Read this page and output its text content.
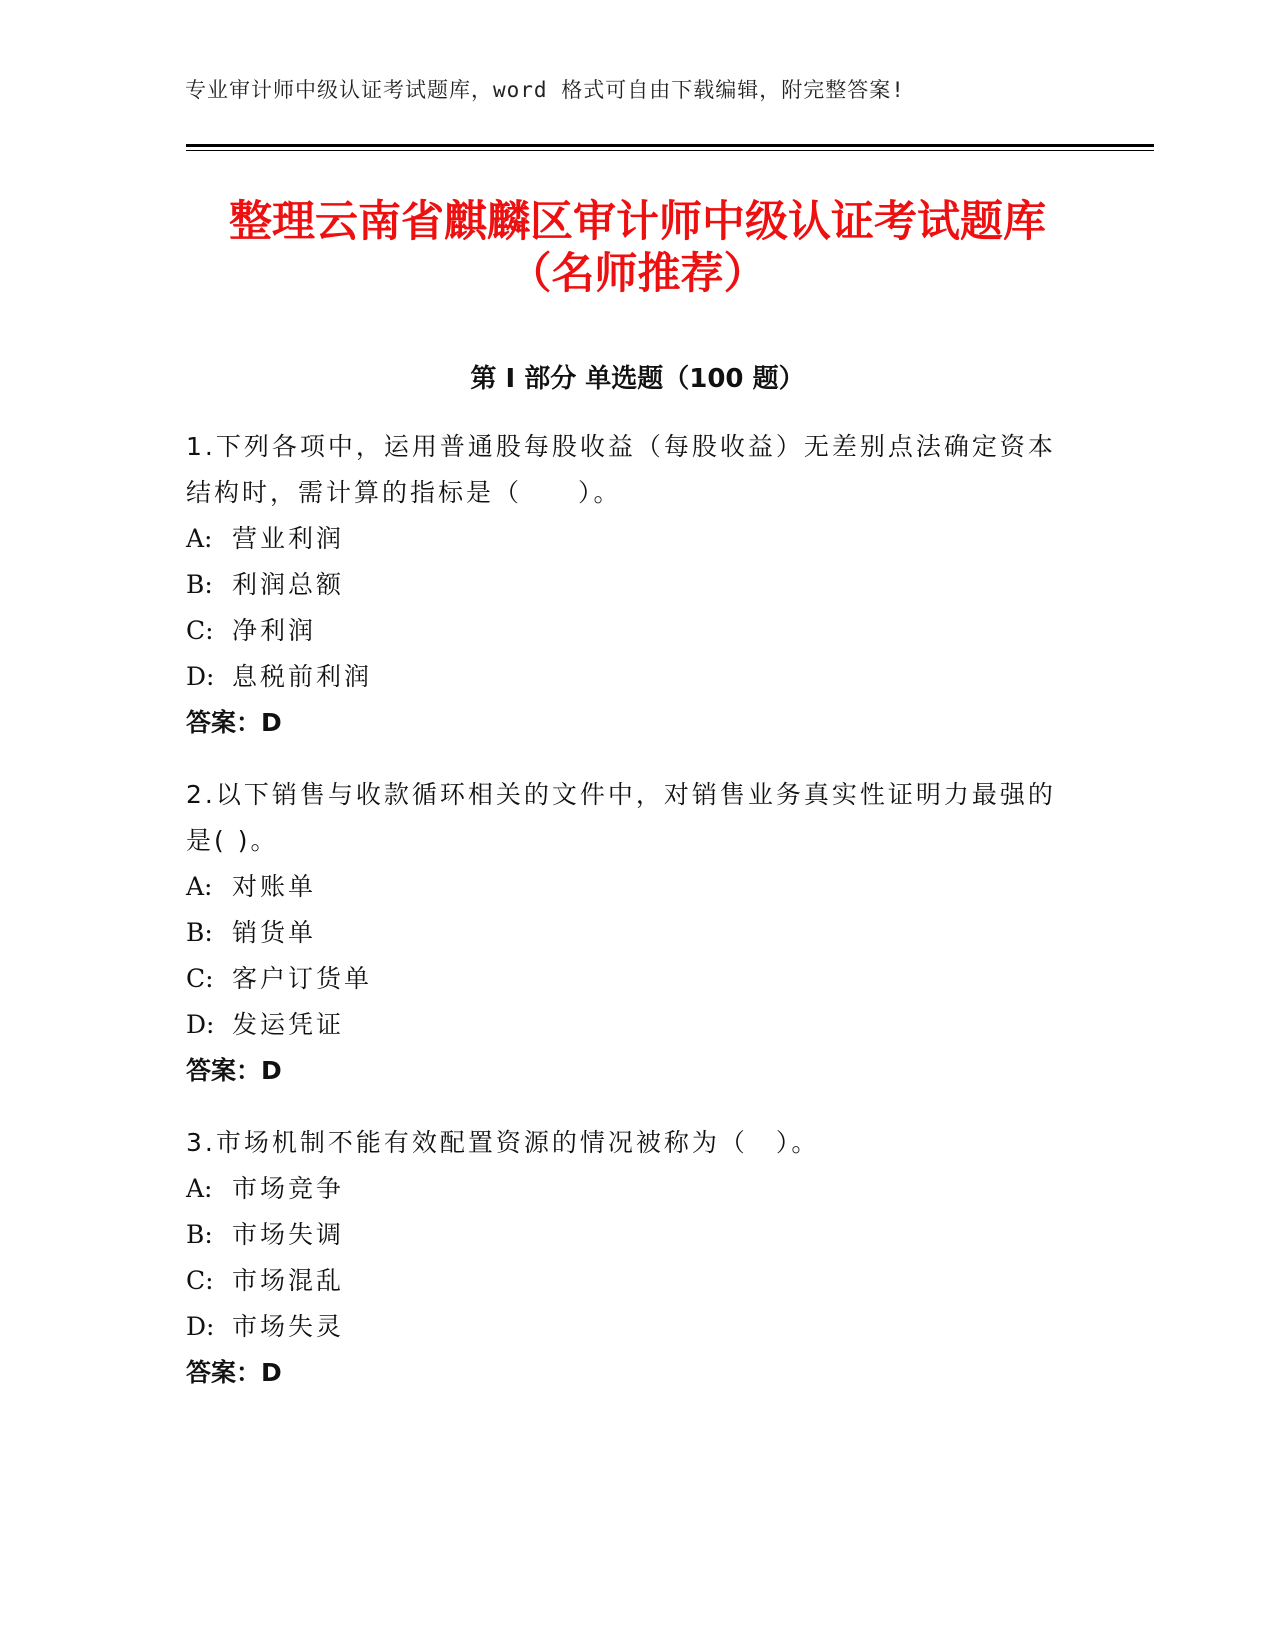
专业审计师中级认证考试题库，word 格式可自由下载编辑，附完整答案!
整理云南省麒麟区审计师中级认证考试题库
（名师推荐）
第 I 部分 单选题（100 题）

1.下列各项中，运用普通股每股收益（每股收益）无差别点法确定资本结构时，需计算的指标是（　　）。

A: 营业利润

B: 利润总额

C: 净利润

D: 息税前利润

答案：D

2.以下销售与收款循环相关的文件中，对销售业务真实性证明力最强的是( )。

A: 对账单

B: 销货单

C: 客户订货单

D: 发运凭证

答案：D

3.市场机制不能有效配置资源的情况被称为（　）。

A: 市场竞争

B: 市场失调

C: 市场混乱

D: 市场失灵

答案：D
